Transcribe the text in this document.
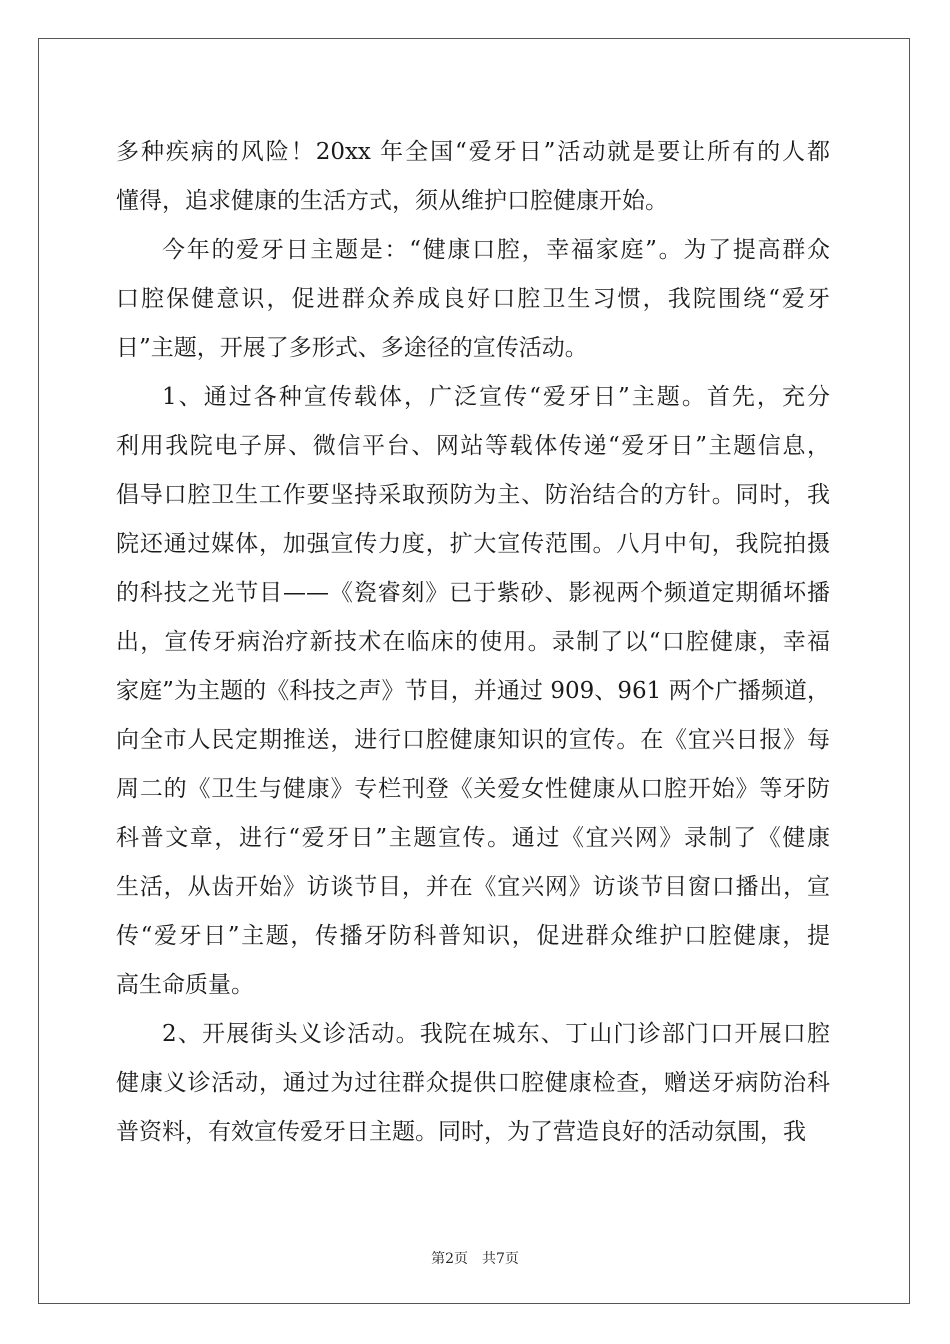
多种疾病的风险！20xx 年全国“爱牙日”活动就是要让所有的人都
懂得，追求健康的生活方式，须从维护口腔健康开始。
今年的爱牙日主题是：“健康口腔，幸福家庭”。为了提高群众
口腔保健意识，促进群众养成良好口腔卫生习惯，我院围绕“爱牙
日”主题，开展了多形式、多途径的宣传活动。
1、通过各种宣传载体，广泛宣传“爱牙日”主题。首先，充分
利用我院电子屏、微信平台、网站等载体传递“爱牙日”主题信息，
倡导口腔卫生工作要坚持采取预防为主、防治结合的方针。同时，我
院还通过媒体，加强宣传力度，扩大宣传范围。八月中旬，我院拍摄
的科技之光节目——《瓷睿刻》已于紫砂、影视两个频道定期循坏播
出，宣传牙病治疗新技术在临床的使用。录制了以“口腔健康，幸福
家庭”为主题的《科技之声》节目，并通过 909、961 两个广播频道，
向全市人民定期推送，进行口腔健康知识的宣传。在《宜兴日报》每
周二的《卫生与健康》专栏刊登《关爱女性健康从口腔开始》等牙防
科普文章，进行“爱牙日”主题宣传。通过《宜兴网》录制了《健康
生活，从齿开始》访谈节目，并在《宜兴网》访谈节目窗口播出，宣
传“爱牙日”主题，传播牙防科普知识，促进群众维护口腔健康，提
高生命质量。
2、开展街头义诊活动。我院在城东、丁山门诊部门口开展口腔
健康义诊活动，通过为过往群众提供口腔健康检查，赠送牙病防治科
普资料，有效宣传爱牙日主题。同时，为了营造良好的活动氛围，我
第2页 共7页
